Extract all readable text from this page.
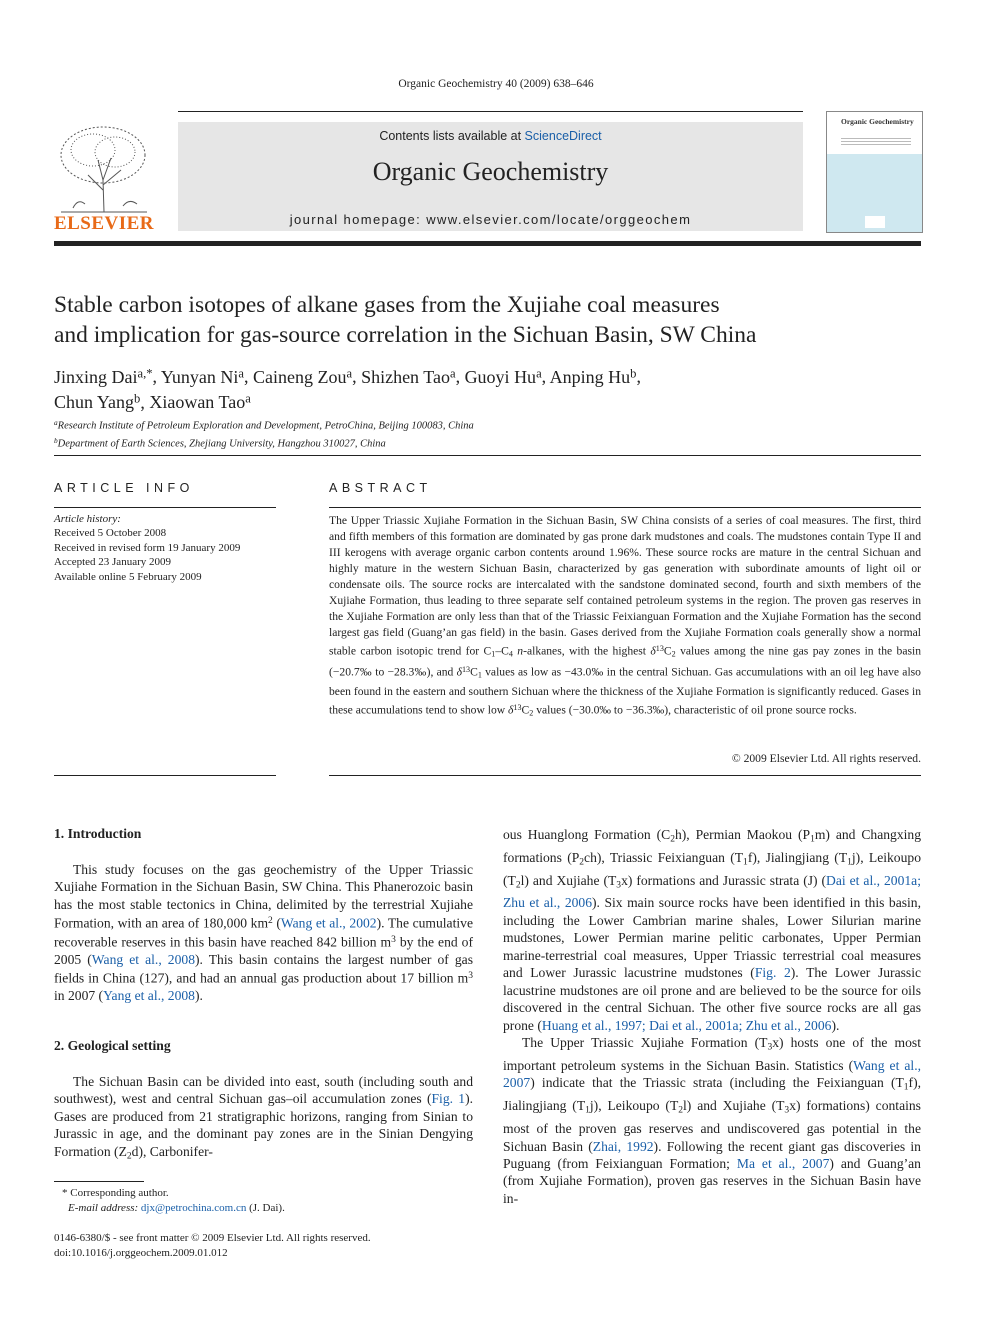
Organic Geochemistry 40 (2009) 638–646
ELSEVIER
Contents lists available at ScienceDirect
Organic Geochemistry
journal homepage: www.elsevier.com/locate/orggeochem
Organic Geochemistry
Stable carbon isotopes of alkane gases from the Xujiahe coal measures
and implication for gas-source correlation in the Sichuan Basin, SW China
Jinxing Dai$^{a,*}$, Yunyan Ni$^a$, Caineng Zou$^a$, Shizhen Tao$^a$, Guoyi Hu$^a$, Anping Hu$^b$,
Chun Yang$^b$, Xiaowan Tao$^a$
$^a$Research Institute of Petroleum Exploration and Development, PetroChina, Beijing 100083, China
$^b$Department of Earth Sciences, Zhejiang University, Hangzhou 310027, China
ARTICLE INFO
Article history:
Received 5 October 2008
Received in revised form 19 January 2009
Accepted 23 January 2009
Available online 5 February 2009
ABSTRACT
The Upper Triassic Xujiahe Formation in the Sichuan Basin, SW China consists of a series of coal measures. The first, third and fifth members of this formation are dominated by gas prone dark mudstones and coals. The mudstones contain Type II and III kerogens with average organic carbon contents around 1.96%. These source rocks are mature in the central Sichuan and highly mature in the western Sichuan Basin, characterized by gas generation with subordinate amounts of light oil or condensate oils. The source rocks are intercalated with the sandstone dominated second, fourth and sixth members of the Xujiahe Formation, thus leading to three separate self contained petroleum systems in the region. The proven gas reserves in the Xujiahe Formation are only less than that of the Triassic Feixianguan Formation and the Xujiahe Formation has the second largest gas field (Guang’an gas field) in the basin. Gases derived from the Xujiahe Formation coals generally show a normal stable carbon isotopic trend for $C_1-C_4$ n-alkanes, with the highest $\delta^{13}C_2$ values among the nine gas pay zones in the basin (−20.7‰ to −28.3‰), and $\delta^{13}C_1$ values as low as −43.0‰ in the central Sichuan. Gas accumulations with an oil leg have also been found in the eastern and southern Sichuan where the thickness of the Xujiahe Formation is significantly reduced. Gases in these accumulations tend to show low $\delta^{13}C_2$ values (−30.0‰ to −36.3‰), characteristic of oil prone source rocks.
© 2009 Elsevier Ltd. All rights reserved.
1. Introduction
This study focuses on the gas geochemistry of the Upper Triassic Xujiahe Formation in the Sichuan Basin, SW China. This Phanerozoic basin has the most stable tectonics in China, delimited by the terrestrial Xujiahe Formation, with an area of 180,000 $km^2$ (Wang et al., 2002). The cumulative recoverable reserves in this basin have reached 842 billion $m^3$ by the end of 2005 (Wang et al., 2008). This basin contains the largest number of gas fields in China (127), and had an annual gas production about 17 billion $m^3$ in 2007 (Yang et al., 2008).
2. Geological setting
The Sichuan Basin can be divided into east, south (including south and southwest), west and central Sichuan gas–oil accumulation zones (Fig. 1). Gases are produced from 21 stratigraphic horizons, ranging from Sinian to Jurassic in age, and the dominant pay zones are in the Sinian Dengying Formation $(Z_2d)$, Carbonifer-
* Corresponding author.
E-mail address: djx@petrochina.com.cn (J. Dai).
0146-6380/$ - see front matter © 2009 Elsevier Ltd. All rights reserved.
doi:10.1016/j.orggeochem.2009.01.012

ous Huanglong Formation $(C_2h)$, Permian Maokou $(P_1m)$ and Changxing formations $(P_2ch)$, Triassic Feixianguan $(T_1f)$, Jialingjiang $(T_1j)$, Leikoupo $(T_2l)$ and Xujiahe $(T_3x)$ formations and Jurassic strata (J) (Dai et al., 2001a; Zhu et al., 2006). Six main source rocks have been identified in this basin, including the Lower Cambrian marine shales, Lower Silurian marine mudstones, Lower Permian marine pelitic carbonates, Upper Permian marine-terrestrial coal measures, Upper Triassic terrestrial coal measures and Lower Jurassic lacustrine mudstones (Fig. 2). The Lower Jurassic lacustrine mudstones are oil prone and are believed to be the source for oils discovered in the central Sichuan. The other five source rocks are all gas prone (Huang et al., 1997; Dai et al., 2001a; Zhu et al., 2006).

The Upper Triassic Xujiahe Formation $(T_3x)$ hosts one of the most important petroleum systems in the Sichuan Basin. Statistics (Wang et al., 2007) indicate that the Triassic strata (including the Feixianguan $(T_1f)$, Jialingjiang $(T_1j)$, Leikoupo $(T_2l)$ and Xujiahe $(T_3x)$ formations) contains most of the proven gas reserves and undiscovered gas potential in the Sichuan Basin (Zhai, 1992). Following the recent giant gas discoveries in Puguang (from Feixianguan Formation; Ma et al., 2007) and Guang’an (from Xujiahe Formation), proven gas reserves in the Sichuan Basin have in-
